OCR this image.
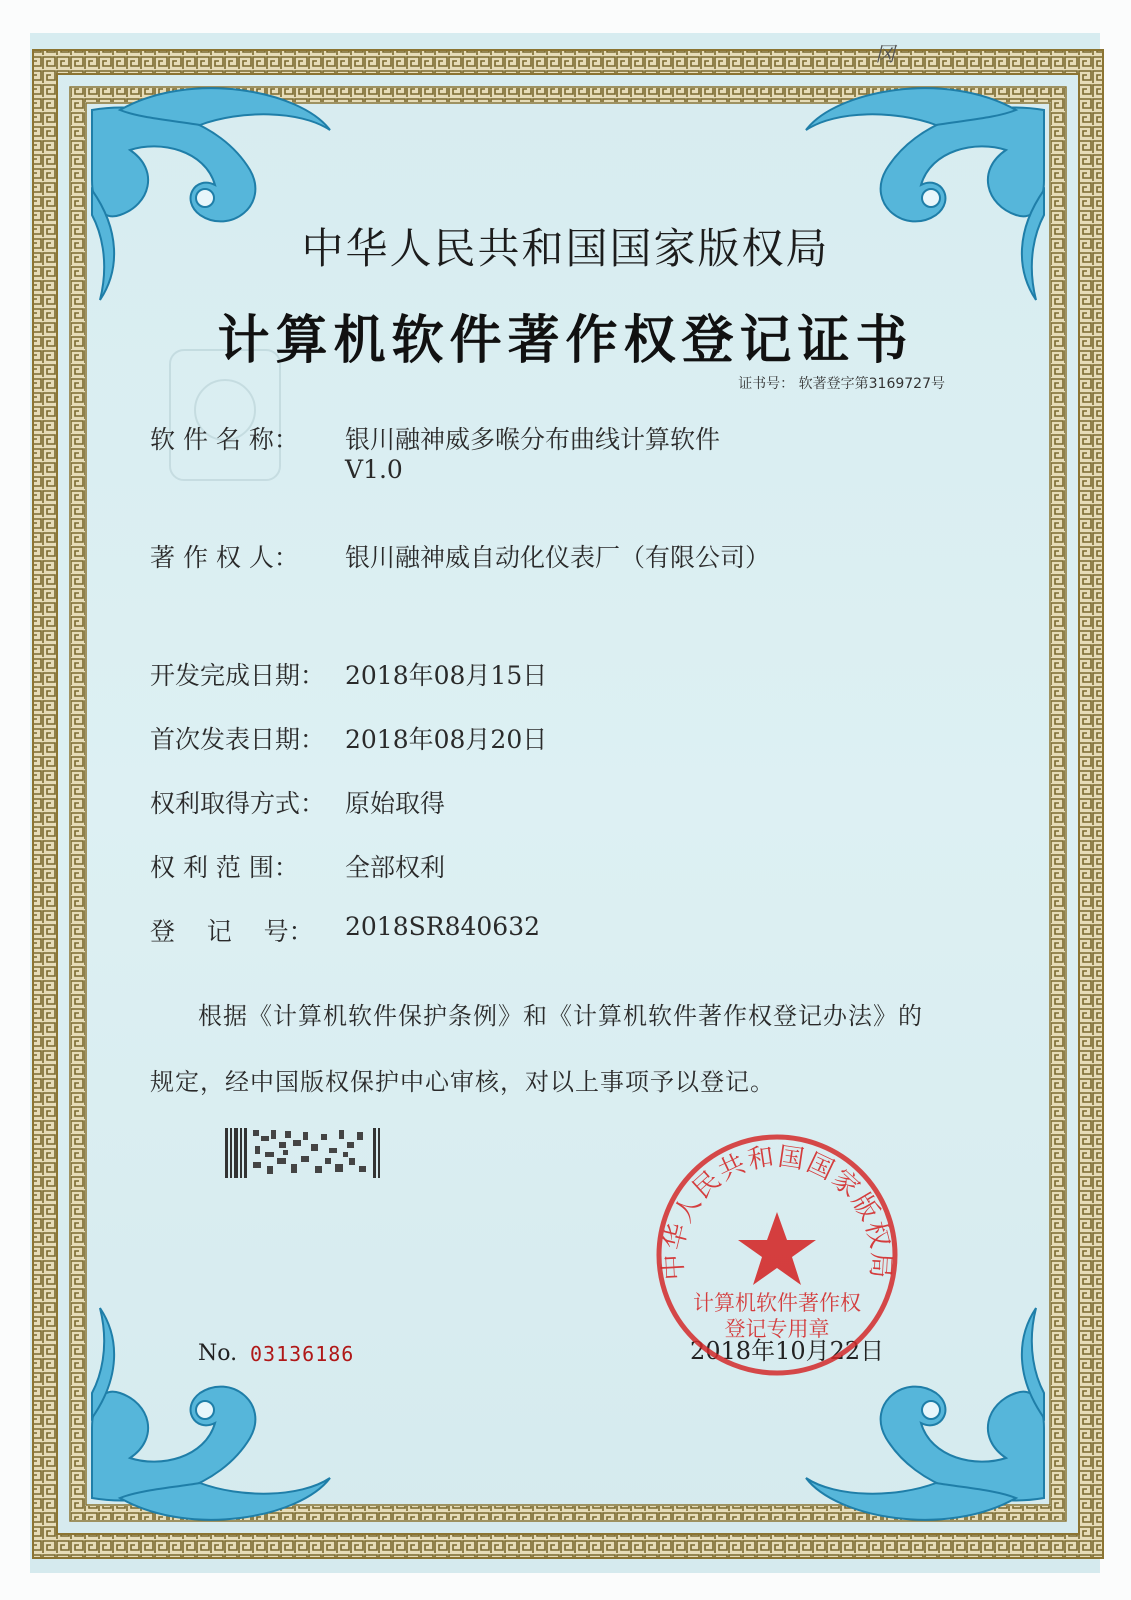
冈
中华人民共和国国家版权局
计算机软件著作权登记证书
证书号： 软著登字第3169727号
软 件 名 称： 银川融神威多喉分布曲线计算软件
V1.0
著 作 权 人： 银川融神威自动化仪表厂（有限公司）
开发完成日期： 2018年08月15日
首次发表日期： 2018年08月20日
权利取得方式： 原始取得
权 利 范 围： 全部权利
登    记    号： 2018SR840632
根据《计算机软件保护条例》和《计算机软件著作权登记办法》的
规定，经中国版权保护中心审核，对以上事项予以登记。
No. 03136186	2018年10月22日
中华人民共和国国家版权局
计算机软件著作权
登记专用章
